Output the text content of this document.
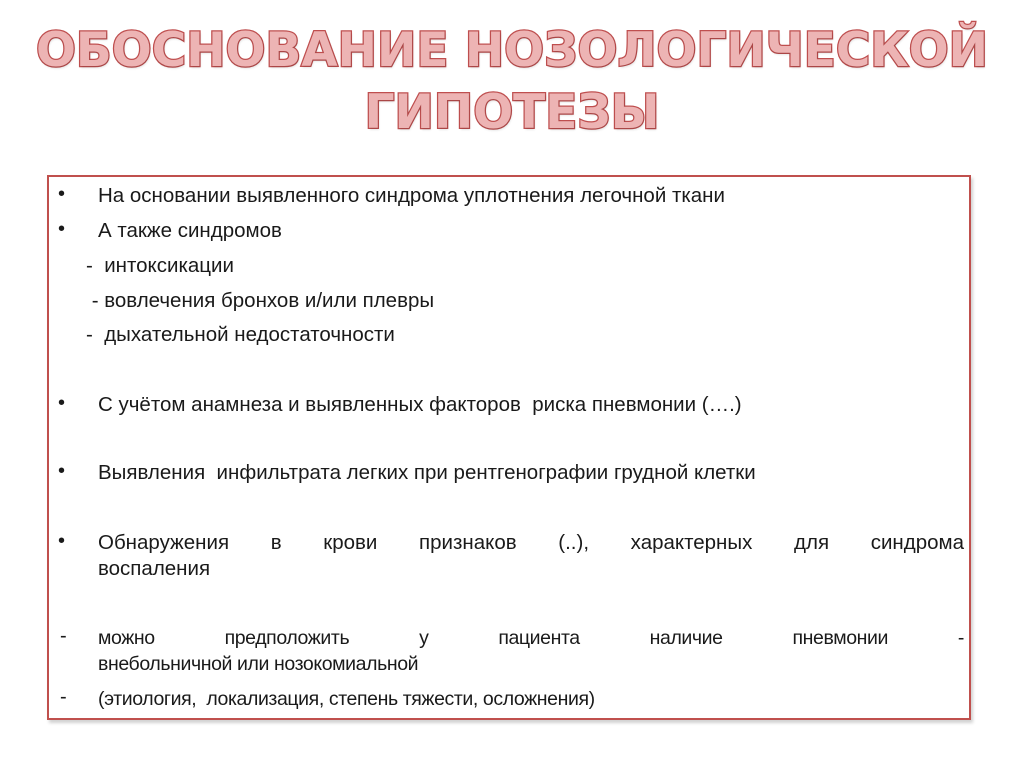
ОБОСНОВАНИЕ НОЗОЛОГИЧЕСКОЙ
ГИПОТЕЗЫ
• На основании выявленного синдрома уплотнения легочной ткани
• А также синдромов
-  интоксикации
- вовлечения бронхов и/или плевры
-  дыхательной недостаточности
• С учётом анамнеза и выявленных факторов  риска пневмонии (….)
• Выявления  инфильтрата легких при рентгенографии грудной клетки
• Обнаружения  в  крови  признаков  (..),  характерных  для  синдрома
воспаления
- можно предположить у пациента наличие пневмонии -
внебольничной или нозокомиальной
- (этиология,  локализация, степень тяжести, осложнения)
